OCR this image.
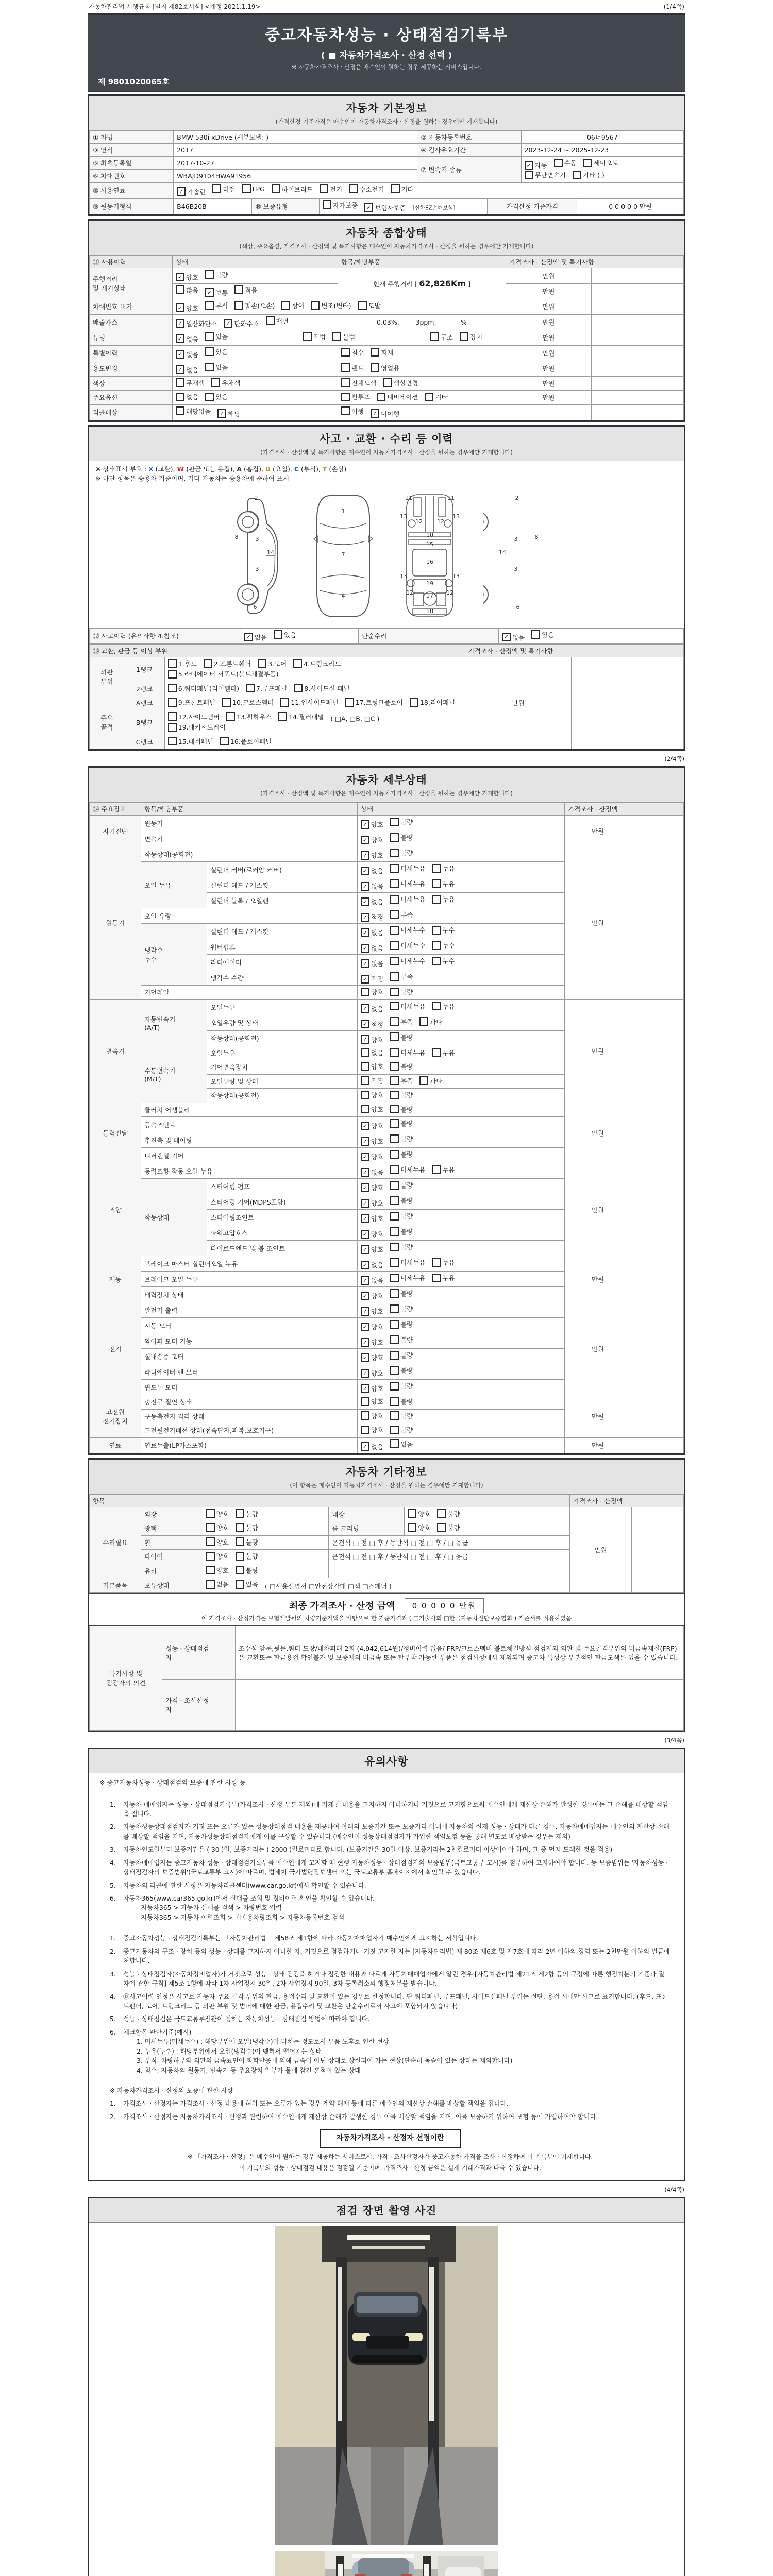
자동차관리법 시행규칙 [별지 제82호서식] <개정 2021.1.19>	(1/4쪽)
중고자동차성능 · 상태점검기록부
( ■ 자동차가격조사 · 산정 선택 )
※ 자동차가격조사 · 산정은 매수인이 원하는 경우 제공하는 서비스입니다.
제 9801020065호
자동차 기본정보
(가격산정 기준가격은 매수인이 자동차가격조사 · 산정을 원하는 경우에만 기재합니다)
① 차명	BMW 530i xDrive (세부모델: )	② 자동차등록번호	06너9567
③ 연식	2017	④ 검사유효기간	2023-12-24 ~ 2025-12-23
⑤ 최초등록일	2017-10-27	⑦ 변속기 종류	
✓ 자동
	수동
	세미오토

무단변속기
	기타 ( )

⑥ 차대번호	WBAJD9104HWA91956		
⑧ 사용연료	✓ 가솔린
	디젤
	LPG
	하이브리드
	전기
	수소전기
	기타
⑨ 원동기형식	B46B20B	⑩ 보증유형	자가보증
	✓ 보험사보증 [신한EZ손해보험]	가격산정 기준가격	0 0 0 0 0 만원
자동차 종합상태
(색상, 주요옵션, 가격조사 · 산정액 및 특기사항은 매수인이 자동차가격조사 · 산정을 원하는 경우에만 기재합니다)
⑪ 사용이력	상태	항목/해당부품	가격조사 · 산정액 및 특기사항	
주행거리
및 계기상태	✓ 양호
불량	현재 주행거리 [ 62,826Km ]	만원	

	많음
✓ 보통
적음		만원	
차대번호 표기	✓ 양호
	부식
	훼손(오손)
	상이
	변조(변타)
	도말	만원	
배출가스	✓ 일산화탄소
✓ 탄화수소
매연	0.03%,        3ppm,            %	만원	
튜닝	✓ 없음
	있음	적법
	불법	구조
	장치	만원	
특별이력	✓ 없음
있음	침수
화재	만원	
용도변경	✓ 없음
있음	렌트
영업용	만원	
색상	무채색
유채색	전체도색
색상변경	만원	
주요옵션	없음
있음	썬루프
네비게이션
기타	만원	
리콜대상	해당없음
✓ 해당	이행
✓ 미이행		

사고 · 교환 · 수리 등 이력
(가격조사 · 산정액 및 특기사항은 매수인이 자동차가격조사 · 산정을 원하는 경우에만 기재합니다)
※ 상태표시 부호 : X (교환), W (판금 또는 용접), A (흠집), U (요철), C (부식), T (손상)
※ 하단 항목은 승용차 기준이며, 기타 자동차는 승용차에 준하여 표시
2
8	3
14
3
6
1
7
4
11	11
13	13
12	12
10
15
16
19
13	13
12	12
17
18
2
8
3
14
3
6
⑫ 사고이력 (유의사항 4.참조)	✓ 없음
	있음	단순수리	✓ 없음
	있음
⑬ 교환, 판금 등 이상 부위			가격조사 · 산정액 및 특기사항	
외판
부위	1랭크	1.후드
2.프론트휀더
3.도어
4.트렁크리드

5.라디에이터 서포트(볼트체결부품)	만원	
	2랭크	6.쿼터패널(리어휀다)
7.루프패널
8.사이드실 패널		

주요
골격	A랭크	9.프론트패널
10.크로스멤버
11.인사이드패널
17.트렁크플로어
18.리어패널		

	B랭크	12.사이드멤버
13.휠하우스
14.필러패널 ( □A, □B, □C )

19.패키지트레이		

	C랭크	15.대쉬패널
16.플로어패널		
(2/4쪽)
자동차 세부상태
(가격조사 · 산정액 및 특기사항은 매수인이 자동차가격조사 · 산정을 원하는 경우에만 기재합니다)
⑭ 주요장치	항목/해당부품		상태	가격조사 · 산정액	
자기진단	원동기		✓ 양호
불량	만원	
	변속기		✓ 양호
불량		

원동기	작동상태(공회전)		✓ 양호
불량	만원	
	오일 누유	실린더 커버(로커암 커버)	✓ 없음
미세누유
누유		

		실린더 헤드 / 개스킷	✓ 없음
미세누유
누유		

		실린더 블록 / 오일팬	✓ 없음
미세누유
누유		

	오일 유량		✓ 적정
부족		

	냉각수
누수	실린더 헤드 / 개스킷	✓ 없음
미세누수
누수		

		워터펌프	✓ 없음
미세누수
누수		

		라디에이터	✓ 없음
미세누수
누수		

		냉각수 수량	✓ 적정
부족		

	커먼레일		양호
불량		

변속기	자동변속기
(A/T)	오일누유	✓ 없음
미세누유
누유	만원	
		오일유량 및 상태	✓ 적정
부족
과다		

		작동상태(공회전)	✓ 양호
불량		

	수동변속기
(M/T)	오일누유	없음
미세누유
누유		

		기어변속장치	양호
불량		

		오일유량 및 상태	적정
부족
과다		

		작동상태(공회전)	양호
불량		

동력전달	클러치 어셈블리		양호
불량	만원	
	등속조인트		✓ 양호
불량		

	추진축 및 베어링		✓ 양호
불량		

	디퍼렌셜 기어		✓ 양호
불량		

조향	동력조향 작동 오일 누유		✓ 없음
미세누유
누유	만원	
	작동상태	스티어링 펌프	✓ 양호
불량		

		스티어링 기어(MDPS포함)	✓ 양호
불량		

		스티어링조인트	✓ 양호
불량		

		파워고압호스	✓ 양호
불량		

		타이로드엔드 및 볼 조인트	✓ 양호
불량		

제동	브레이크 마스터 실린더오일 누유		✓ 없음
미세누유
누유	만원	
	브레이크 오일 누유		✓ 없음
미세누유
누유		

	배력장치 상태		✓ 양호
불량		

전기	발전기 출력		✓ 양호
불량	만원	
	시동 모터		✓ 양호
불량		

	와이퍼 모터 기능		✓ 양호
불량		

	실내송풍 모터		✓ 양호
불량		

	라디에이터 팬 모터		✓ 양호
불량		

	윈도우 모터		✓ 양호
불량		

고전원
전기장치	충전구 절연 상태		양호
불량	만원	
	구동축전지 격리 상태		양호
불량		

	고전원전기배선 상태(접속단자,피복,보호기구)		양호
불량		

연료	연료누출(LP가스포함)		✓ 없음
있음	만원	
자동차 기타정보
(이 항목은 매수인이 자동차가격조사 · 산정을 원하는 경우에만 기재합니다)
항목					가격조사 · 산정액	
수리필요	외장	양호
불량	내장	양호
불량	만원	
	광택	양호
불량	룸 크리닝	양호
불량		

	휠	양호
불량	운전석 □ 전 □ 후 / 동반석 □ 전 □ 후 / □ 응급			
	타이어	양호
불량	운전석 □ 전 □ 후 / 동반석 □ 전 □ 후 / □ 응급			
	유리	양호
불량				

기본품목	보유상태	없음
있음 ( □사용설명서 □안전삼각대 □잭 □스패너 )				
최종 가격조사 · 산정 금액	0 0 0 0 0 만원
이 가격조사 · 산정가격은 보험개발원의 차량기준가액을 바탕으로 한 기준가격과 ( □기술사회 □한국자동차진단보증협회 ) 기준서를 적용하였음
특기사항 및
점검자의 의견	성능 · 상태점검
자	조수석 앞문,뒷문,쿼터 도장/내차피해-2회 (4,942,614원)/정비이력 없음/ FRP/크로스멤버 볼트체결방식 점검제외 외판 및 주요골격부위의 비금속재질(FRP)은 교환또는 판금용접 확인불가 및 보증제외 비금속 또는 탈부착 가능한 부품은 점검사항에서 제외되며 중고차 특성상 부분적인 판금도색은 있을 수 있습니다.
	가격 · 조사산정
자	
(3/4쪽)
유의사항
※ 중고자동차성능 · 상태점검의 보증에 관한 사항 등
1.	자동차 매매업자는 성능 · 상태점검기록부(가격조사 · 산정 부분 제외)에 기재된 내용을 고지하지 아니하거나 거짓으로 고지함으로써 매수인에게 재산상 손해가 발생한 경우에는 그 손해를 배상할 책임을 집니다.
2.	자동차성능상태점검자가 거짓 또는 오류가 있는 성능상태점검 내용을 제공하여 아래의 보증기간 또는 보증거리 이내에 자동차의 실제 성능 · 상태가 다른 경우, 자동차매매업자는 매수인의 재산상 손해를 배상할 책임을 지며, 자동차성능상태점검자에게 이를 구상할 수 있습니다.(매수인이 성능상태점검자가 가입한 책임보험 등을 통해 별도로 배상받는 경우는 제외)
3.	자동차인도일부터 보증기간은 ( 30 )일, 보증거리는 ( 2000 )킬로미터로 합니다. (보증기간은 30일 이상, 보증거리는 2천킬로미터 이상이어야 하며, 그 중 먼저 도래한 것을 적용)
4.	자동차매매업자는 중고자동차 성능 · 상태점검기록부를 매수인에게 고지할 때 현행 자동차성능 · 상태점검자의 보증범위(국토교통부 고시)를 첨부하여 고지하여야 합니다. 동 보증범위는 '자동차성능 · 상태점검자의 보증범위'(국토교통부 고시)에 따르며, 법제처 국가법령정보센터 또는 국토교통부 홈페이지에서 확인할 수 있습니다.
5.	자동차의 리콜에 관한 사항은 자동차리콜센터(www.car.go.kr)에서 확인할 수 있습니다.
6.	자동차365(www.car365.go.kr)에서 실매물 조회 및 정비이력 확인을 확인할 수 있습니다.
- 자동차365 > 자동차 실매물 검색 > 차량번호 입력
- 자동차365 > 자동차 이력조회 > 매매용차량조회 > 자동차등록번호 검색
1.	중고자동차성능 · 상태점검기록부는 「자동차관리법」 제58조 제1항에 따라 자동차매매업자가 매수인에게 고지하는 서식입니다.
2.	중고자동차의 구조 · 장치 등의 성능 · 상태를 고지하지 아니한 자, 거짓으로 점검하거나 거짓 고지한 자는 [자동차관리법] 제 80조 제6호 및 제7호에 따라 2년 이하의 징역 또는 2천만원 이하의 벌금에 처합니다.
3.	성능 · 상태점검자(자동차정비업자)가 거짓으로 성능 · 상태 점검을 하거나 점검한 내용과 다르게 자동차매매업자에게 알린 경우 [자동차관리법 제21조 제2항 등의 규정에 따른 행정처분의 기준과 절차에 관한 규칙] 제5조 1항에 따라 1차 사업정지 30일, 2차 사업정지 90일, 3차 등록취소의 행정처분을 받습니다.
4.	⑫사고이력 인정은 사고로 자동차 주요 골격 부위의 판금, 용접수리 및 교환이 있는 경우로 한정합니다. 단 쿼터패널, 루프패널, 사이드실패널 부위는 절단, 용접 시에만 사고로 표기합니다. (후드, 프론트펜더, 도어, 트렁크리드 등 외판 부위 및 범퍼에 대한 판금, 용접수리 및 교환은 단순수리로서 사고에 포함되지 않습니다)
5.	성능 · 상태점검은 국토교통부장관이 정하는 자동차성능 · 상태점검 방법에 따라야 합니다.
6.	체크항목 판단기준(예시)
1. 미세누유(미세누수) : 해당부위에 오일(냉각수)이 비치는 정도로서 부품 노후로 인한 현상
2. 누유(누수) : 해당부위에서 오일(냉각수)이 맺혀서 떨어지는 상태
3. 부식: 차량하부와 외판의 금속표면이 화학반응에 의해 금속이 아닌 상태로 상실되어 가는 현상(단순히 녹슬어 있는 상태는 제외합니다)
4. 침수: 자동차의 원동기, 변속기 등 주요장치 일부가 물에 잠긴 흔적이 있는 상태
※ 자동차가격조사 · 산정의 보증에 관한 사항
1.	가격조사 · 산정자는 가격조사 · 산정 내용에 허위 또는 오류가 있는 경우 계약 해제 등에 따른 매수인의 재산상 손해를 배상할 책임을 집니다.
2.	가격조사 · 산정자는 자동차가격조사 · 산정과 관련하여 매수인에게 재산상 손해가 발생한 경우 이를 배상할 책임을 지며, 이를 보증하기 위하여 보험 등에 가입하여야 합니다.
자동차가격조사 · 산정자 선정이란
※ 「가격조사 · 산정」은 매수인이 원하는 경우 제공하는 서비스로서, 가격 · 조사산정자가 중고자동차 가격을 조사 · 산정하여 이 기록부에 기재합니다.
이 기록부의 성능 · 상태점검 내용은 점검일 기준이며, 가격조사 · 산정 금액은 실제 거래가격과 다를 수 있습니다.
(4/4쪽)
점검 장면 촬영 사진
